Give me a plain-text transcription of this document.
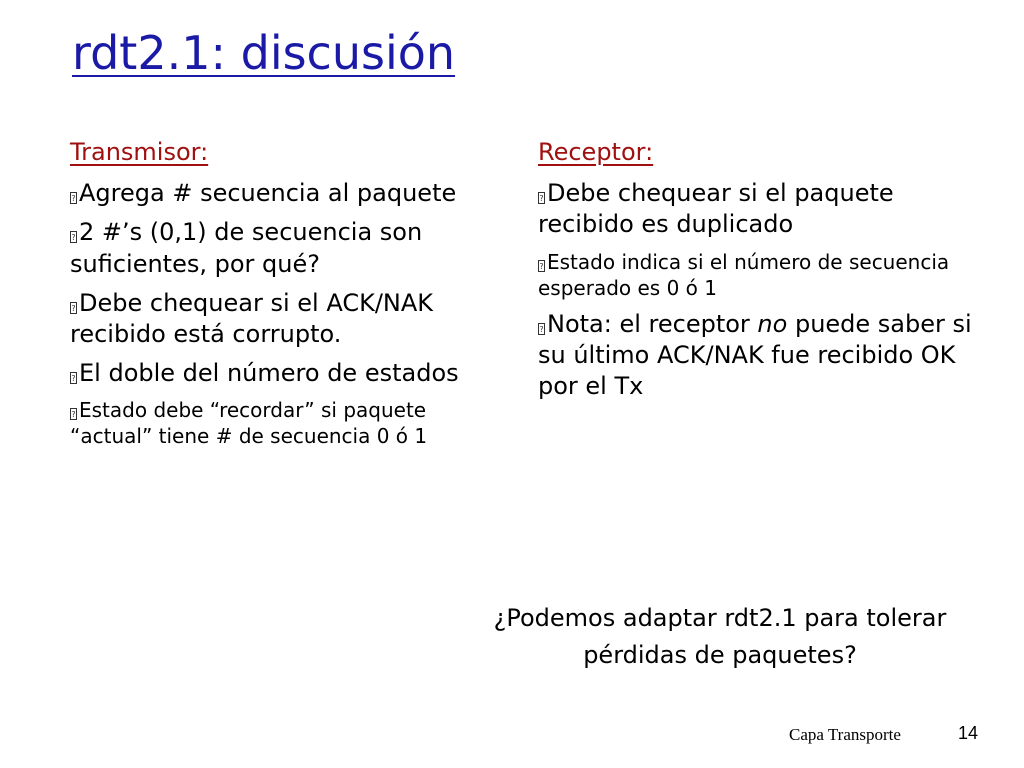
rdt2.1: discusión
Transmisor:
? Agrega # secuencia al paquete
? 2 #’s (0,1) de secuencia son suficientes, por qué?
? Debe chequear si el ACK/NAK recibido está corrupto.
? El doble del número de estados
? Estado debe “recordar” si paquete “actual” tiene # de secuencia 0 ó 1
Receptor:
? Debe chequear si el paquete recibido es duplicado
? Estado indica si el número de secuencia esperado es 0 ó 1
? Nota: el receptor no puede saber si su último ACK/NAK fue recibido OK por el Tx
¿Podemos adaptar rdt2.1 para tolerar pérdidas de paquetes?
Capa Transporte	14
